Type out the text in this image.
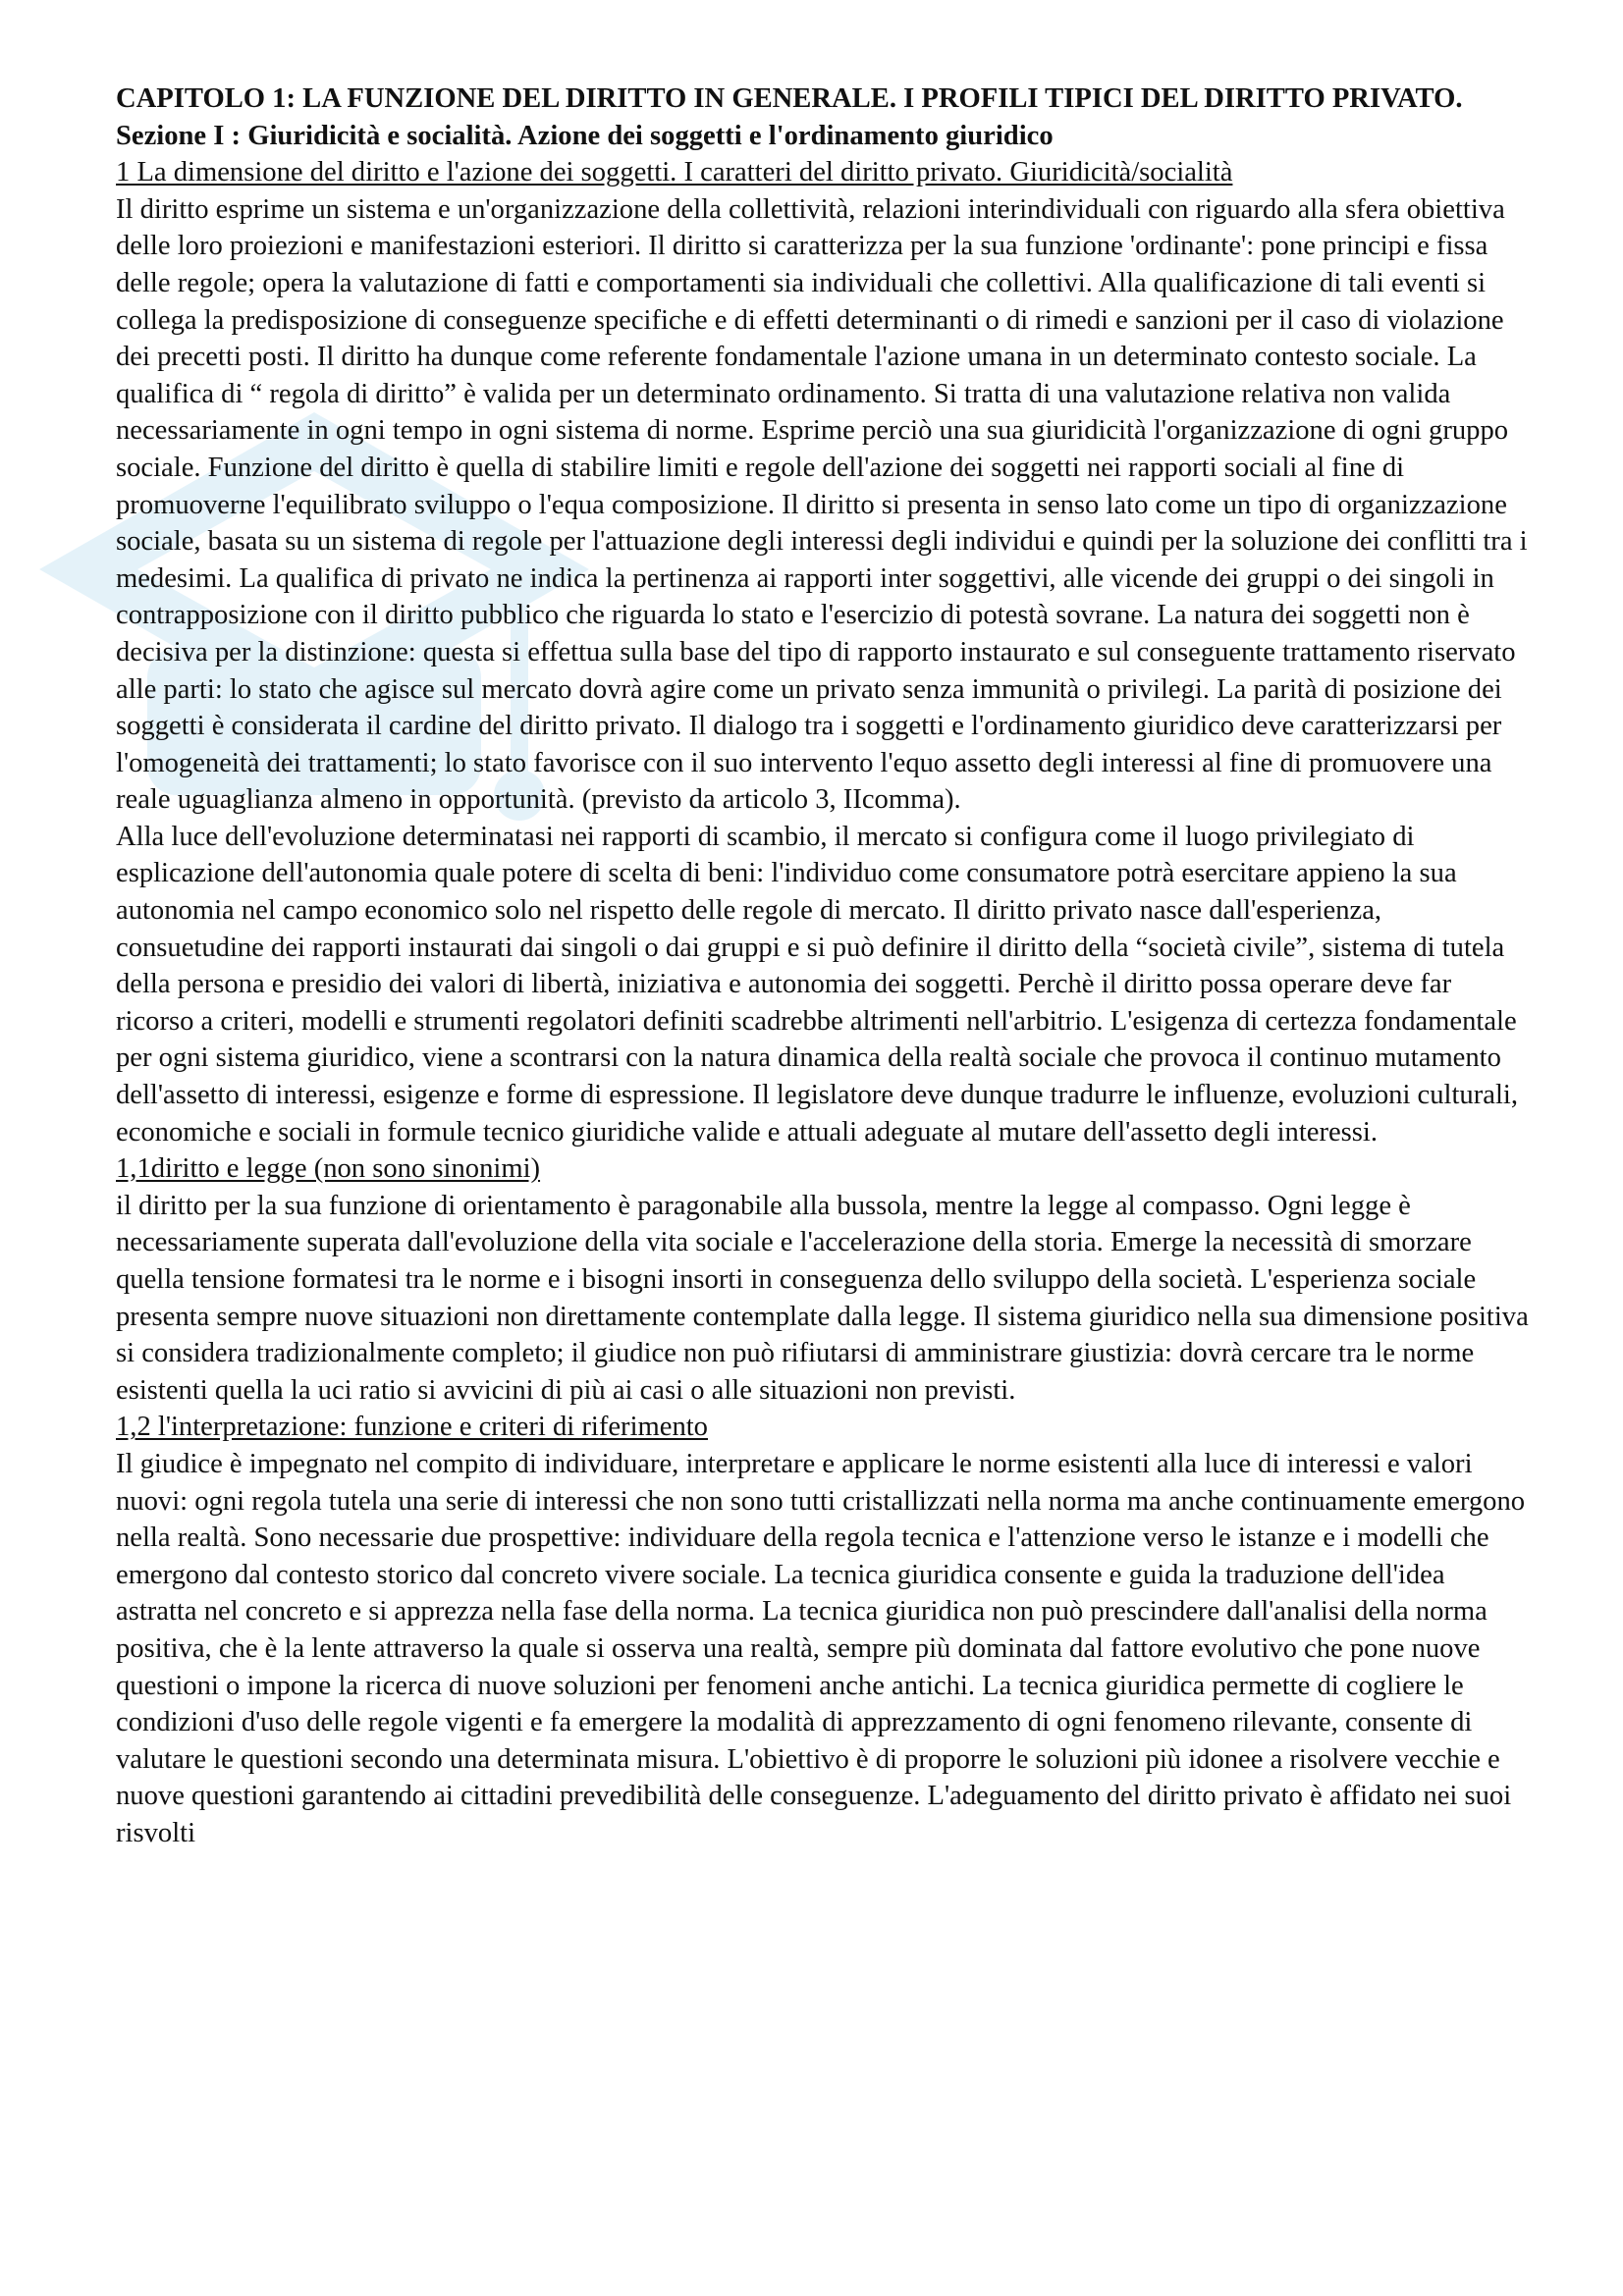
CAPITOLO 1: LA FUNZIONE DEL DIRITTO IN GENERALE. I PROFILI TIPICI DEL DIRITTO PRIVATO.

Sezione I : Giuridicità e socialità. Azione dei soggetti e l'ordinamento giuridico

1 La dimensione del diritto e l'azione dei soggetti. I caratteri del diritto privato. Giuridicità/socialità

Il diritto esprime un sistema e un'organizzazione della collettività, relazioni interindividuali con riguardo alla sfera obiettiva delle loro proiezioni e manifestazioni esteriori. Il diritto si caratterizza per la sua funzione 'ordinante': pone principi e fissa delle regole; opera la valutazione di fatti e comportamenti sia individuali che collettivi. Alla qualificazione di tali eventi si collega la predisposizione di conseguenze specifiche e di effetti determinanti o di rimedi e sanzioni per il caso di violazione dei precetti posti. Il diritto ha dunque come referente fondamentale l'azione umana in un determinato contesto sociale. La qualifica di “ regola di diritto” è valida per un determinato ordinamento. Si tratta di una valutazione relativa non valida necessariamente in ogni tempo in ogni sistema di norme. Esprime perciò una sua giuridicità l'organizzazione di ogni gruppo sociale. Funzione del diritto è quella di stabilire limiti e regole dell'azione dei soggetti nei rapporti sociali al fine di promuoverne l'equilibrato sviluppo o l'equa composizione. Il diritto si presenta in senso lato come un tipo di organizzazione sociale, basata su un sistema di regole per l'attuazione degli interessi degli individui e quindi per la soluzione dei conflitti tra i medesimi. La qualifica di privato ne indica la pertinenza ai rapporti inter soggettivi, alle vicende dei gruppi o dei singoli in contrapposizione con il diritto pubblico che riguarda lo stato e l'esercizio di potestà sovrane. La natura dei soggetti non è decisiva per la distinzione: questa si effettua sulla base del tipo di rapporto instaurato e sul conseguente trattamento riservato alle parti: lo stato che agisce sul mercato dovrà agire come un privato senza immunità o privilegi. La parità di posizione dei soggetti è considerata il cardine del diritto privato. Il dialogo tra i soggetti e l'ordinamento giuridico deve caratterizzarsi per l'omogeneità dei trattamenti; lo stato favorisce con il suo intervento l'equo assetto degli interessi al fine di promuovere una reale uguaglianza almeno in opportunità. (previsto da articolo 3, IIcomma).

Alla luce dell'evoluzione determinatasi nei rapporti di scambio, il mercato si configura come il luogo privilegiato di esplicazione dell'autonomia quale potere di scelta di beni: l'individuo come consumatore potrà esercitare appieno la sua autonomia nel campo economico solo nel rispetto delle regole di mercato. Il diritto privato nasce dall'esperienza, consuetudine dei rapporti instaurati dai singoli o dai gruppi e si può definire il diritto della “società civile”, sistema di tutela della persona e presidio dei valori di libertà, iniziativa e autonomia dei soggetti. Perchè il diritto possa operare deve far ricorso a criteri, modelli e strumenti regolatori definiti scadrebbe altrimenti nell'arbitrio. L'esigenza di certezza fondamentale per ogni sistema giuridico, viene a scontrarsi con la natura dinamica della realtà sociale che provoca il continuo mutamento dell'assetto di interessi, esigenze e forme di espressione. Il legislatore deve dunque tradurre le influenze, evoluzioni culturali, economiche e sociali in formule tecnico giuridiche valide e attuali adeguate al mutare dell'assetto degli interessi.

1,1diritto e legge (non sono sinonimi)

il diritto per la sua funzione di orientamento è paragonabile alla bussola, mentre la legge al compasso. Ogni legge è necessariamente superata dall'evoluzione della vita sociale e l'accelerazione della storia. Emerge la necessità di smorzare quella tensione formatesi tra le norme e i bisogni insorti in conseguenza dello sviluppo della società. L'esperienza sociale presenta sempre nuove situazioni non direttamente contemplate dalla legge. Il sistema giuridico nella sua dimensione positiva si considera tradizionalmente completo; il giudice non può rifiutarsi di amministrare giustizia: dovrà cercare tra le norme esistenti quella la uci ratio si avvicini di più ai casi o alle situazioni non previsti.

1,2 l'interpretazione: funzione e criteri di riferimento

Il giudice è impegnato nel compito di individuare, interpretare e applicare le norme esistenti alla luce di interessi e valori nuovi: ogni regola tutela una serie di interessi che non sono tutti cristallizzati nella norma ma anche continuamente emergono nella realtà. Sono necessarie due prospettive: individuare della regola tecnica e l'attenzione verso le istanze e i modelli che emergono dal contesto storico dal concreto vivere sociale. La tecnica giuridica consente e guida la traduzione dell'idea astratta nel concreto e si apprezza nella fase della norma. La tecnica giuridica non può prescindere dall'analisi della norma positiva, che è la lente attraverso la quale si osserva una realtà, sempre più dominata dal fattore evolutivo che pone nuove questioni o impone la ricerca di nuove soluzioni per fenomeni anche antichi. La tecnica giuridica permette di cogliere le condizioni d'uso delle regole vigenti e fa emergere la modalità di apprezzamento di ogni fenomeno rilevante, consente di valutare le questioni secondo una determinata misura. L'obiettivo è di proporre le soluzioni più idonee a risolvere vecchie e nuove questioni garantendo ai cittadini prevedibilità delle conseguenze. L'adeguamento del diritto privato è affidato nei suoi risvolti
